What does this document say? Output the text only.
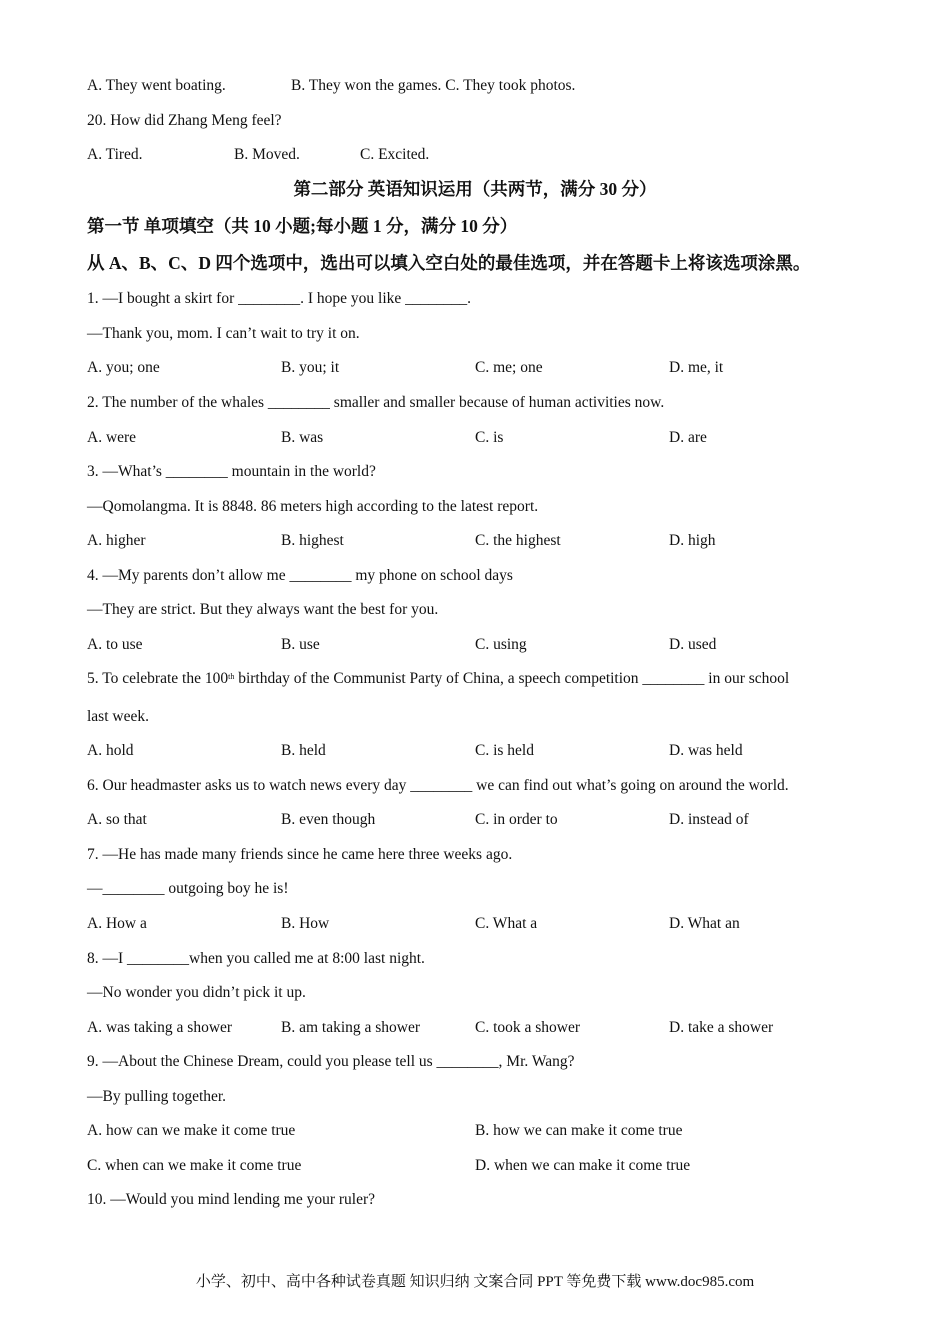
A. They went boating.	B. They won the games. C. They took photos.
20. How did Zhang Meng feel?
A. Tired.	B. Moved.	C. Excited.
第二部分 英语知识运用（共两节，满分 30 分）
第一节 单项填空（共 10 小题;每小题 1 分，满分 10 分）
从 A、B、C、D 四个选项中，选出可以填入空白处的最佳选项，并在答题卡上将该选项涂黑。
1. —I bought a skirt for ________. I hope you like ________.
—Thank you, mom. I can’t wait to try it on.
A. you; one	B. you; it	C. me; one	D. me, it
2. The number of the whales ________ smaller and smaller because of human activities now.
A. were	B. was	C. is	D. are
3. —What’s ________ mountain in the world?
—Qomolangma. It is 8848. 86 meters high according to the latest report.
A. higher	B. highest	C. the highest	D. high
4. —My parents don’t allow me ________ my phone on school days
—They are strict. But they always want the best for you.
A. to use	B. use	C. using	D. used
5. To celebrate the 100th birthday of the Communist Party of China, a speech competition ________ in our school
last week.
A. hold	B. held	C. is held	D. was held
6. Our headmaster asks us to watch news every day ________ we can find out what’s going on around the world.
A. so that	B. even though	C. in order to	D. instead of
7. —He has made many friends since he came here three weeks ago.
—________ outgoing boy he is!
A. How a	B. How	C. What a	D. What an
8. —I ________when you called me at 8:00 last night.
—No wonder you didn’t pick it up.
A. was taking a shower	B. am taking a shower	C. took a shower	D. take a shower
9. —About the Chinese Dream, could you please tell us ________, Mr. Wang?
—By pulling together.
A. how can we make it come true	B. how we can make it come true
C. when can we make it come true	D. when we can make it come true
10. —Would you mind lending me your ruler?
小学、初中、高中各种试卷真题 知识归纳 文案合同 PPT 等免费下载 www.doc985.com
